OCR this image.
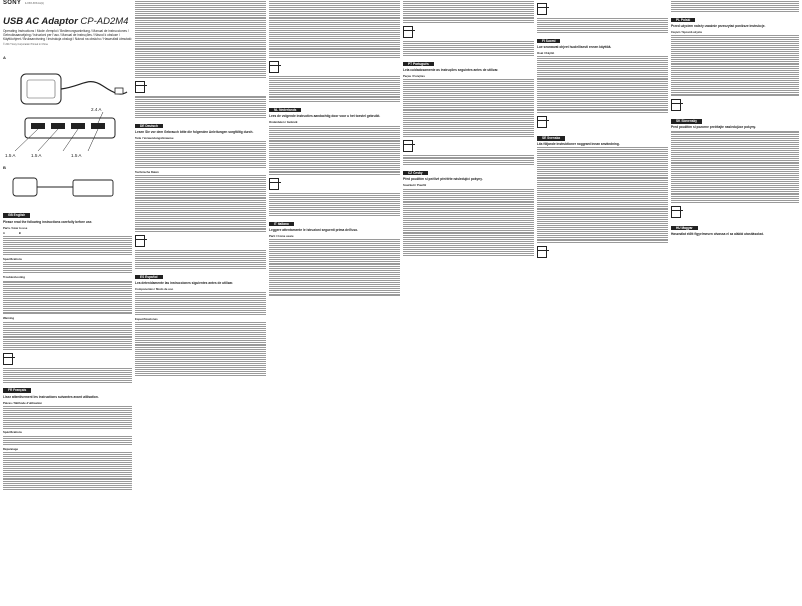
SONY	4-XXX-XXX-11(1)
USB AC Adaptor CP-AD2M4
Operating Instructions / Mode d'emploi / Bedienungsanleitung / Manual de instrucciones / Gebruiksaanwijzing / Istruzioni per l'uso / Manual de instruções / Návod k obsluze / Käyttöohjeet / Bruksanvisning / Instrukcja obsługi / Návod na obsluhu / Használati útmutató
© 2017 Sony Corporation Printed in China
A
1.5 A
2.4 A
1.5 A	1.5 A
B
GB English
Please read the following instructions carefully before use.
Parts / How to use
A	B
Specifications
Troubleshooting
Warning
FR Français
Lisez attentivement les instructions suivantes avant utilisation.
Pièces / Méthode d'utilisation
Spécifications
Dépannage
DE Deutsch
Lesen Sie vor dem Gebrauch bitte die folgenden Anleitungen sorgfältig durch.
Teile / Verwendungshinweise
Technische Daten
ES Español
Lea detenidamente las instrucciones siguientes antes de utilizar.
Componentes / Modo de uso
Especificaciones
NL Nederlands
Lees de volgende instructies aandachtig door voor u het toestel gebruikt.
Onderdelen / Gebruik
IT Italiano
Leggere attentamente le istruzioni seguenti prima dell'uso.
Parti / Come usare
PT Português
Leia cuidadosamente as instruções seguintes antes de utilizar.
Peças / Funções
CZ Česky
Před použitím si pečlivě přečtěte následující pokyny.
Součásti / Použití
FI Suomi
Lue seuraavat ohjeet huolellisesti ennen käyttöä.
Osat / Käyttö
SE Svenska
Läs följande instruktioner noggrant innan användning.
PL Polski
Przed użyciem należy uważnie przeczytać poniższe instrukcje.
Części / Sposób użycia
SK Slovensky
Pred použitím si pozorne prečítajte nasledujúce pokyny.
HU Magyar
Használat előtt figyelmesen olvassa el az alábbi utasításokat.
